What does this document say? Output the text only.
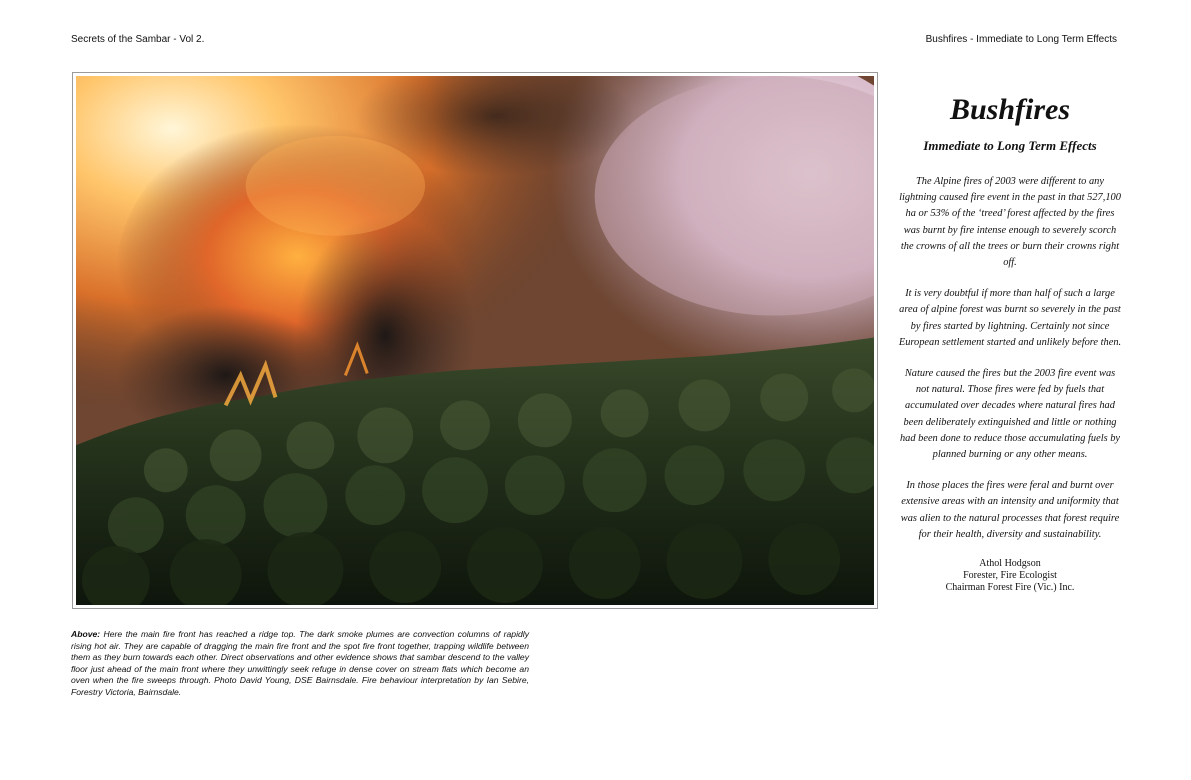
Secrets of the Sambar - Vol 2.	Bushfires - Immediate to Long Term Effects
Above: Here the main fire front has reached a ridge top. The dark smoke plumes are convection columns of rapidly rising hot air. They are capable of dragging the main fire front and the spot fire front together, trapping wildlife between them as they burn towards each other. Direct observations and other evidence shows that sambar descend to the valley floor just ahead of the main front where they unwittingly seek refuge in dense cover on stream flats which become an oven when the fire sweeps through. Photo David Young, DSE Bairnsdale. Fire behaviour interpretation by Ian Sebire, Forestry Victoria, Bairnsdale.
Bushfires
Immediate to Long Term Effects

The Alpine fires of 2003 were different to any lightning caused fire event in the past in that 527,100 ha or 53% of the ‘treed’ forest affected by the fires was burnt by fire intense enough to severely scorch the crowns of all the trees or burn their crowns right off.

It is very doubtful if more than half of such a large area of alpine forest was burnt so severely in the past by fires started by lightning. Certainly not since European settlement started and unlikely before then.

Nature caused the fires but the 2003 fire event was not natural. Those fires were fed by fuels that accumulated over decades where natural fires had been deliberately extinguished and little or nothing had been done to reduce those accumulating fuels by planned burning or any other means.

In those places the fires were feral and burnt over extensive areas with an intensity and uniformity that was alien to the natural processes that forest require for their health, diversity and sustainability.

Athol Hodgson
Forester, Fire Ecologist
Chairman Forest Fire (Vic.) Inc.
